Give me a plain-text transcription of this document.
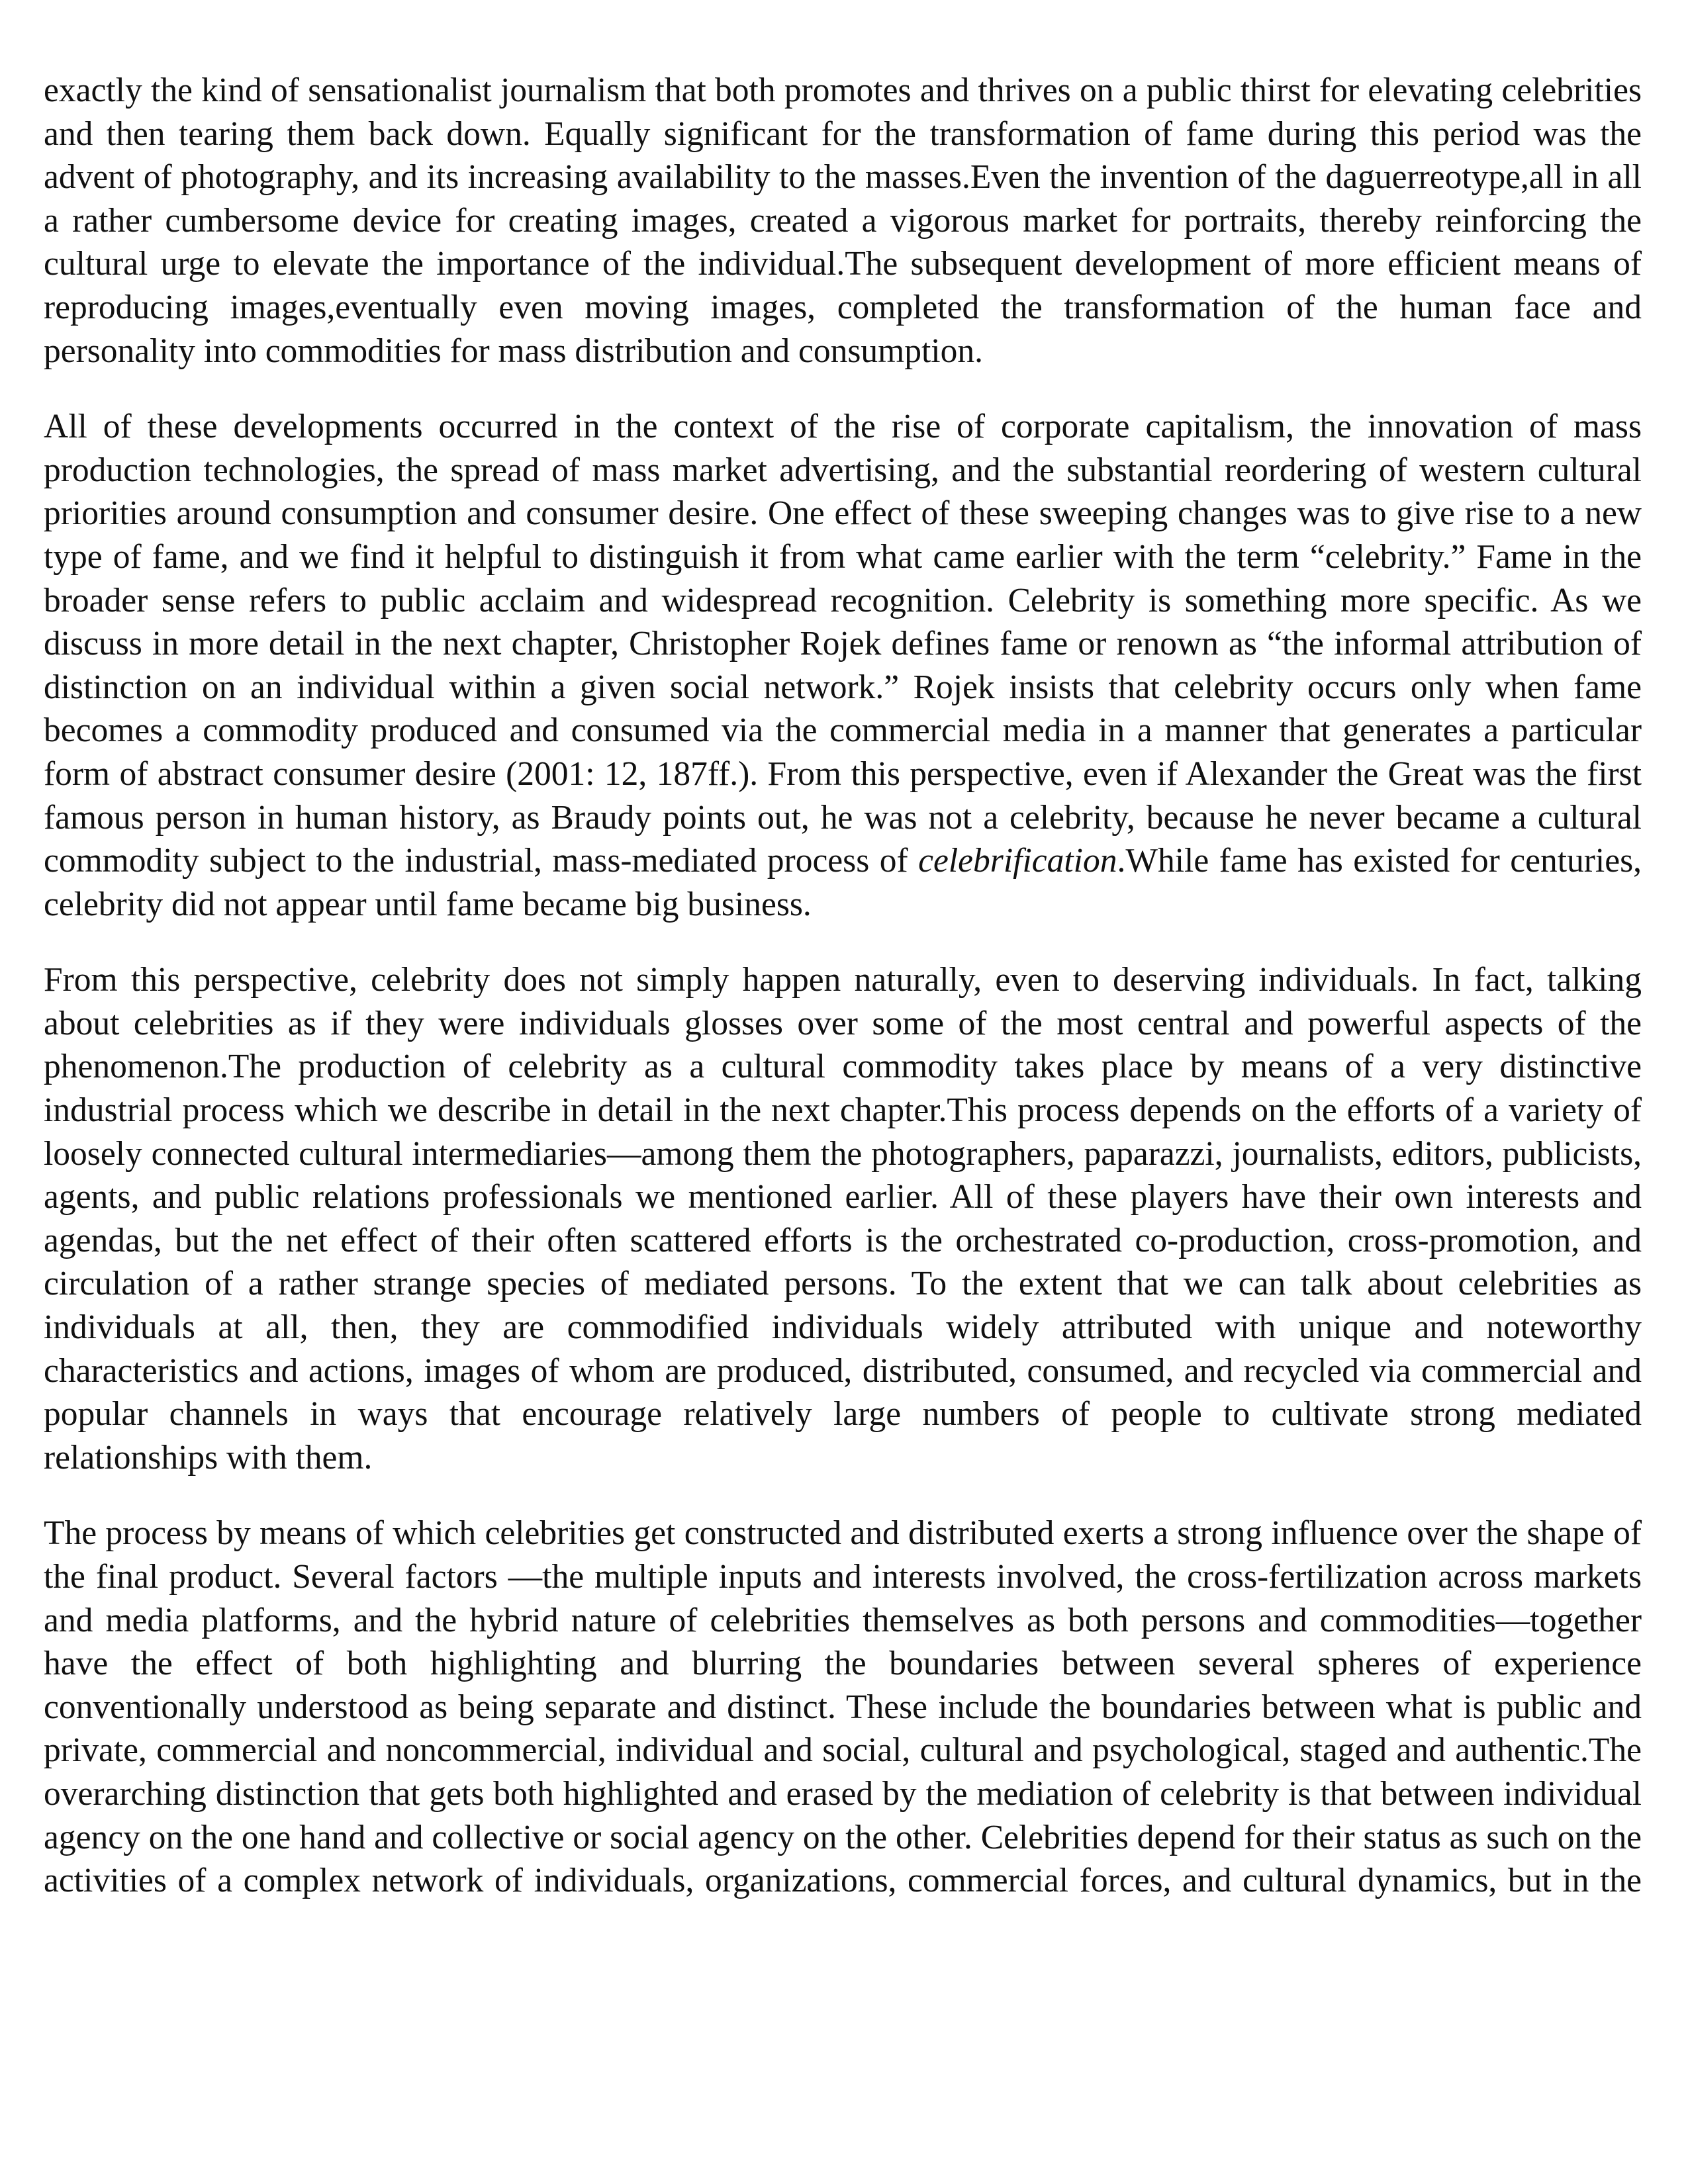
exactly the kind of sensationalist journalism that both promotes and thrives on a public thirst for elevating celebrities and then tearing them back down. Equally significant for the transformation of fame during this period was the advent of photography, and its increasing availability to the masses.Even the invention of the daguerreotype,all in all a rather cumbersome device for creating images, created a vigorous market for portraits, thereby reinforcing the cultural urge to elevate the importance of the individual.The subsequent development of more efficient means of reproducing images,eventually even moving images, completed the transformation of the human face and personality into commodities for mass distribution and consumption.

All of these developments occurred in the context of the rise of corporate capitalism, the innovation of mass production technologies, the spread of mass market advertising, and the substantial reordering of western cultural priorities around consumption and consumer desire. One effect of these sweeping changes was to give rise to a new type of fame, and we find it helpful to distinguish it from what came earlier with the term “celebrity.” Fame in the broader sense refers to public acclaim and widespread recognition. Celebrity is something more specific. As we discuss in more detail in the next chapter, Christopher Rojek defines fame or renown as “the informal attribution of distinction on an individual within a given social network.” Rojek insists that celebrity occurs only when fame becomes a commodity produced and consumed via the commercial media in a manner that generates a particular form of abstract consumer desire (2001: 12, 187ff.). From this perspective, even if Alexander the Great was the first famous person in human history, as Braudy points out, he was not a celebrity, because he never became a cultural commodity subject to the industrial, mass-mediated process of celebrification.While fame has existed for centuries, celebrity did not appear until fame became big business.

From this perspective, celebrity does not simply happen naturally, even to deserving individuals. In fact, talking about celebrities as if they were individuals glosses over some of the most central and powerful aspects of the phenomenon.The production of celebrity as a cultural commodity takes place by means of a very distinctive industrial process which we describe in detail in the next chapter.This process depends on the efforts of a variety of loosely connected cultural intermediaries—among them the photographers, paparazzi, journalists, editors, publicists, agents, and public relations professionals we mentioned earlier. All of these players have their own interests and agendas, but the net effect of their often scattered efforts is the orchestrated co-production, cross-promotion, and circulation of a rather strange species of mediated persons. To the extent that we can talk about celebrities as individuals at all, then, they are commodified individuals widely attributed with unique and noteworthy characteristics and actions, images of whom are produced, distributed, consumed, and recycled via commercial and popular channels in ways that encourage relatively large numbers of people to cultivate strong mediated relationships with them.

The process by means of which celebrities get constructed and distributed exerts a strong influence over the shape of the final product. Several factors —the multiple inputs and interests involved, the cross-fertilization across markets and media platforms, and the hybrid nature of celebrities themselves as both persons and commodities—together have the effect of both highlighting and blurring the boundaries between several spheres of experience conventionally understood as being separate and distinct. These include the boundaries between what is public and private, commercial and noncommercial, individual and social, cultural and psychological, staged and authentic.The overarching distinction that gets both highlighted and erased by the mediation of celebrity is that between individual agency on the one hand and collective or social agency on the other. Celebrities depend for their status as such on the activities of a complex network of individuals, organizations, commercial forces, and cultural dynamics, but in the
